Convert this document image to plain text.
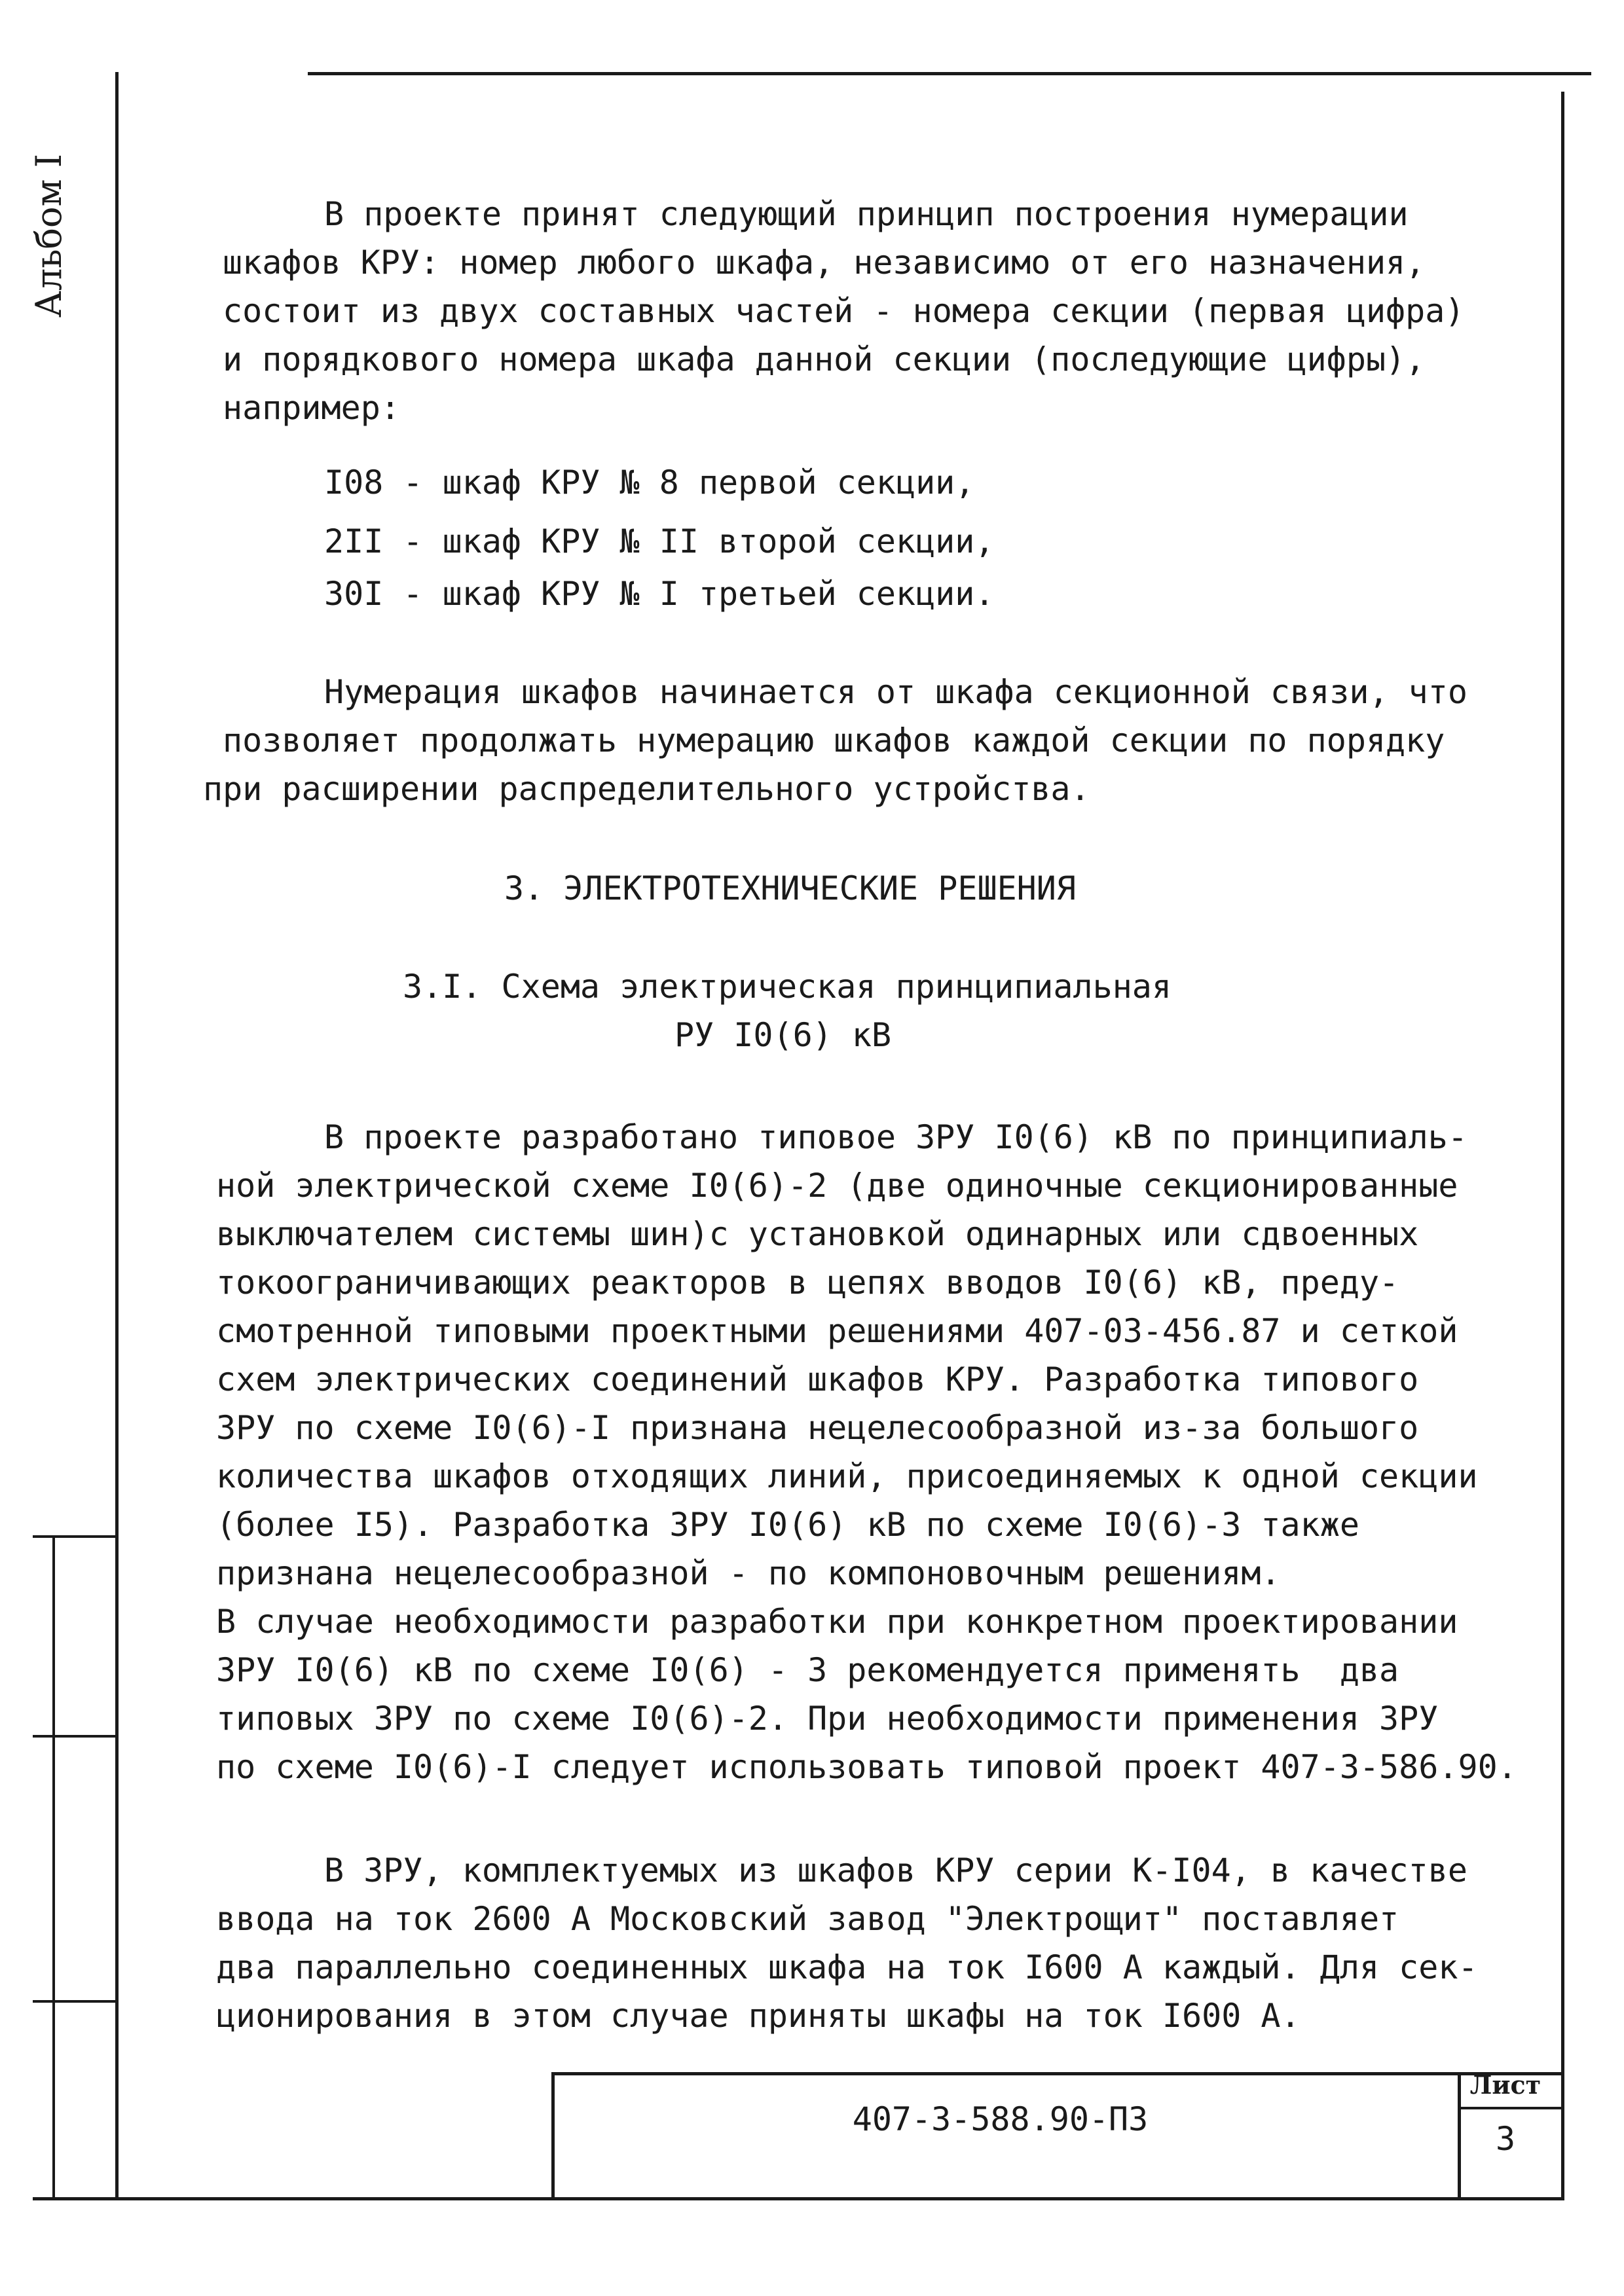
Альбом I	В проекте принят следующий принцип построения нумерации
шкафов КРУ: номер любого шкафа, независимо от его назначения,
состоит из двух составных частей - номера секции (первая цифра)
и порядкового номера шкафа данной секции (последующие цифры),
например:
I08 - шкаф КРУ № 8 первой секции,
2II - шкаф КРУ № II второй секции,
30I - шкаф КРУ № I третьей секции.
Нумерация шкафов начинается от шкафа секционной связи, что
позволяет продолжать нумерацию шкафов каждой секции по порядку
при расширении распределительного устройства.
3. ЭЛЕКТРОТЕХНИЧЕСКИЕ РЕШЕНИЯ
3.I. Схема электрическая принципиальная
РУ I0(6) кВ
В проекте разработано типовое ЗРУ I0(6) кВ по принципиаль-
ной электрической схеме I0(6)-2 (две одиночные секционированные
выключателем системы шин)с установкой одинарных или сдвоенных
токоограничивающих реакторов в цепях вводов I0(6) кВ, преду-
смотренной типовыми проектными решениями 407-03-456.87 и сеткой
схем электрических соединений шкафов КРУ. Разработка типового
ЗРУ по схеме I0(6)-I признана нецелесообразной из-за большого
количества шкафов отходящих линий, присоединяемых к одной секции
(более I5). Разработка ЗРУ I0(6) кВ по схеме I0(6)-3 также
признана нецелесообразной - по компоновочным решениям.
В случае необходимости разработки при конкретном проектировании
ЗРУ I0(6) кВ по схеме I0(6) - 3 рекомендуется применять  два
типовых ЗРУ по схеме I0(6)-2. При необходимости применения ЗРУ
по схеме I0(6)-I следует использовать типовой проект 407-3-586.90.
В ЗРУ, комплектуемых из шкафов КРУ серии К-I04, в качестве
ввода на ток 2600 А Московский завод "Электрощит" поставляет
два параллельно соединенных шкафа на ток I600 А каждый. Для сек-
ционирования в этом случае приняты шкафы на ток I600 А.
407-3-588.90-ПЗ
Лист
3
